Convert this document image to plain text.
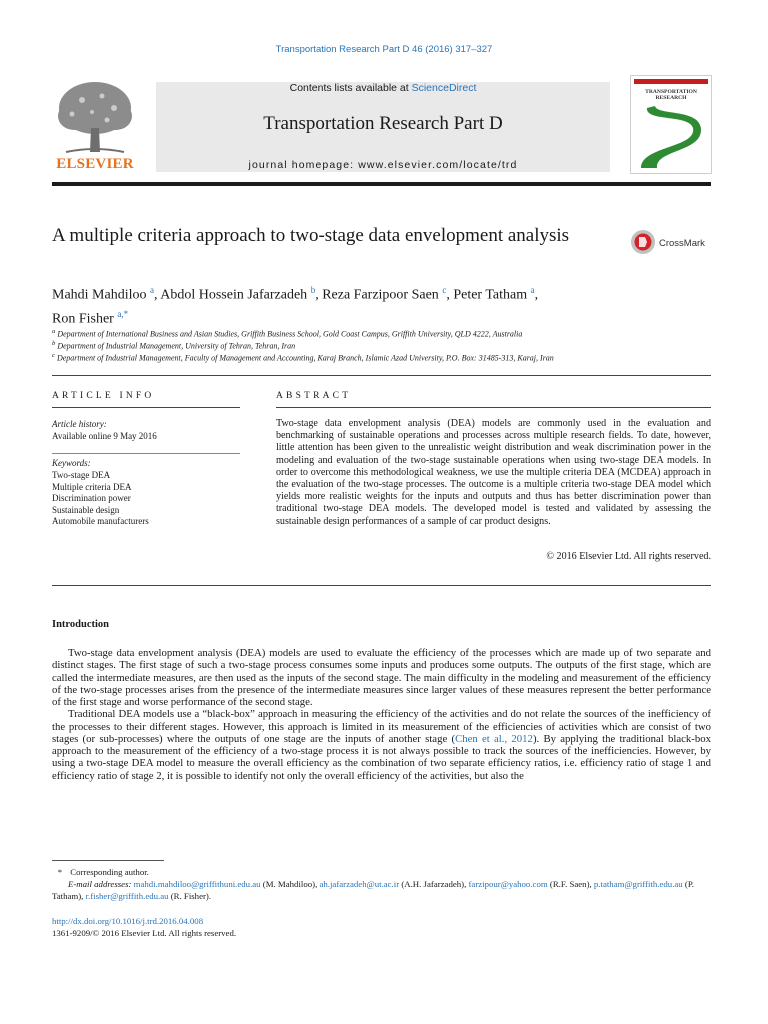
Transportation Research Part D 46 (2016) 317–327
ELSEVIER
Contents lists available at ScienceDirect
Transportation Research Part D
journal homepage: www.elsevier.com/locate/trd
TRANSPORTATION
RESEARCH
A multiple criteria approach to two-stage data envelopment analysis	CrossMark
Mahdi Mahdiloo $^a$, Abdol Hossein Jafarzadeh $^b$, Reza Farzipoor Saen $^c$, Peter Tatham $^a$,
Ron Fisher $^{a,*}$
$^a$ Department of International Business and Asian Studies, Griffith Business School, Gold Coast Campus, Griffith University, QLD 4222, Australia
$^b$ Department of Industrial Management, University of Tehran, Tehran, Iran
$^c$ Department of Industrial Management, Faculty of Management and Accounting, Karaj Branch, Islamic Azad University, P.O. Box: 31485-313, Karaj, Iran
ARTICLE INFO
Article history:
Available online 9 May 2016
Keywords:
Two-stage DEA
Multiple criteria DEA
Discrimination power
Sustainable design
Automobile manufacturers
ABSTRACT
Two-stage data envelopment analysis (DEA) models are commonly used in the evaluation and benchmarking of sustainable operations and processes across multiple research fields. To date, however, little attention has been given to the unrealistic weight distribution and weak discrimination power in the modeling and evaluation of the two-stage sustainable operations when using two-stage DEA models. In order to overcome this methodological weakness, we use the multiple criteria DEA (MCDEA) approach in the evaluation of the two-stage processes. The outcome is a multiple criteria two-stage DEA model which yields more realistic weights for the inputs and outputs and thus has better discrimination power than traditional two-stage DEA models. The developed model is tested and validated by assessing the sustainable design performances of a sample of car product designs.
© 2016 Elsevier Ltd. All rights reserved.
Introduction

Two-stage data envelopment analysis (DEA) models are used to evaluate the efficiency of the processes which are made up of two separate and distinct stages. The first stage of such a two-stage process consumes some inputs and produces some outputs. The outputs of the first stage, which are called the intermediate measures, are then used as the inputs of the second stage. The main difficulty in the modeling and measurement of the efficiency of the two-stage processes arises from the presence of the intermediate measures since larger values of these measures represent the better performance of the first stage and worse performance of the second stage.

Traditional DEA models use a “black-box” approach in measuring the efficiency of the activities and do not relate the sources of the inefficiency of the processes to their different stages. However, this approach is limited in its measurement of the efficiencies of activities which are consist of two stages (or sub-processes) where the outputs of one stage are the inputs of another stage (Chen et al., 2012). By applying the traditional black-box approach to the measurement of the efficiency of a two-stage process it is not always possible to track the sources of the inefficiencies. However, by using a two-stage DEA model to measure the overall efficiency as the combination of two separate efficiency ratios, i.e. efficiency ratio of stage 1 and efficiency ratio of stage 2, it is possible to identify not only the overall efficiency of the activities, but also the

* Corresponding author.
E-mail addresses: mahdi.mahdiloo@griffithuni.edu.au (M. Mahdiloo), ah.jafarzadeh@ut.ac.ir (A.H. Jafarzadeh), farzipour@yahoo.com (R.F. Saen), p.tatham@griffith.edu.au (P. Tatham), r.fisher@griffith.edu.au (R. Fisher).
http://dx.doi.org/10.1016/j.trd.2016.04.008
1361-9209/© 2016 Elsevier Ltd. All rights reserved.
